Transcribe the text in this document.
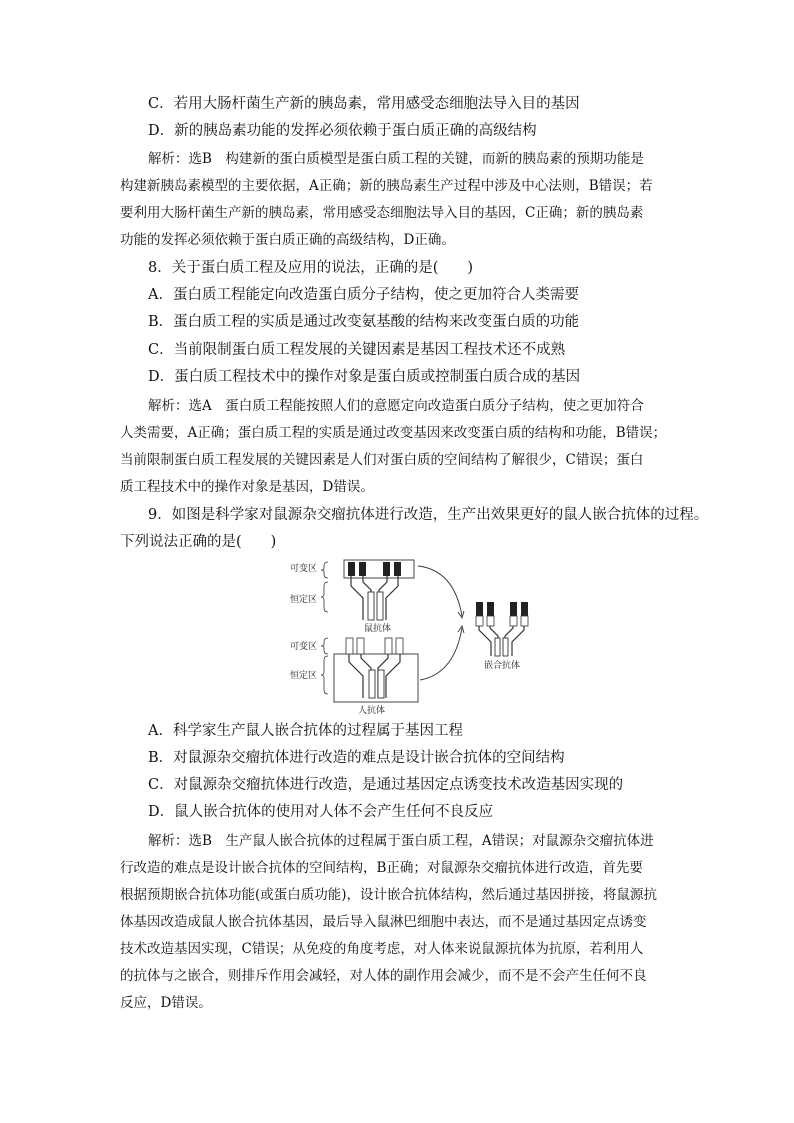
C．若用大肠杆菌生产新的胰岛素，常用感受态细胞法导入目的基因
D．新的胰岛素功能的发挥必须依赖于蛋白质正确的高级结构
解析：选B　构建新的蛋白质模型是蛋白质工程的关键，而新的胰岛素的预期功能是
构建新胰岛素模型的主要依据，A正确；新的胰岛素生产过程中涉及中心法则，B错误；若
要利用大肠杆菌生产新的胰岛素，常用感受态细胞法导入目的基因，C正确；新的胰岛素
功能的发挥必须依赖于蛋白质正确的高级结构，D正确。
8．关于蛋白质工程及应用的说法，正确的是(　　)
A．蛋白质工程能定向改造蛋白质分子结构，使之更加符合人类需要
B．蛋白质工程的实质是通过改变氨基酸的结构来改变蛋白质的功能
C．当前限制蛋白质工程发展的关键因素是基因工程技术还不成熟
D．蛋白质工程技术中的操作对象是蛋白质或控制蛋白质合成的基因
解析：选A　蛋白质工程能按照人们的意愿定向改造蛋白质分子结构，使之更加符合
人类需要，A正确；蛋白质工程的实质是通过改变基因来改变蛋白质的结构和功能，B错误；
当前限制蛋白质工程发展的关键因素是人们对蛋白质的空间结构了解很少，C错误；蛋白
质工程技术中的操作对象是基因，D错误。
9．如图是科学家对鼠源杂交瘤抗体进行改造，生产出效果更好的鼠人嵌合抗体的过程。
下列说法正确的是(　　)
可变区
恒定区
可变区
恒定区
鼠抗体
人抗体
嵌合抗体
A．科学家生产鼠人嵌合抗体的过程属于基因工程
B．对鼠源杂交瘤抗体进行改造的难点是设计嵌合抗体的空间结构
C．对鼠源杂交瘤抗体进行改造，是通过基因定点诱变技术改造基因实现的
D．鼠人嵌合抗体的使用对人体不会产生任何不良反应
解析：选B　生产鼠人嵌合抗体的过程属于蛋白质工程，A错误；对鼠源杂交瘤抗体进
行改造的难点是设计嵌合抗体的空间结构，B正确；对鼠源杂交瘤抗体进行改造，首先要
根据预期嵌合抗体功能(或蛋白质功能)，设计嵌合抗体结构，然后通过基因拼接，将鼠源抗
体基因改造成鼠人嵌合抗体基因，最后导入鼠淋巴细胞中表达，而不是通过基因定点诱变
技术改造基因实现，C错误；从免疫的角度考虑，对人体来说鼠源抗体为抗原，若利用人
的抗体与之嵌合，则排斥作用会减轻，对人体的副作用会减少，而不是不会产生任何不良
反应，D错误。
